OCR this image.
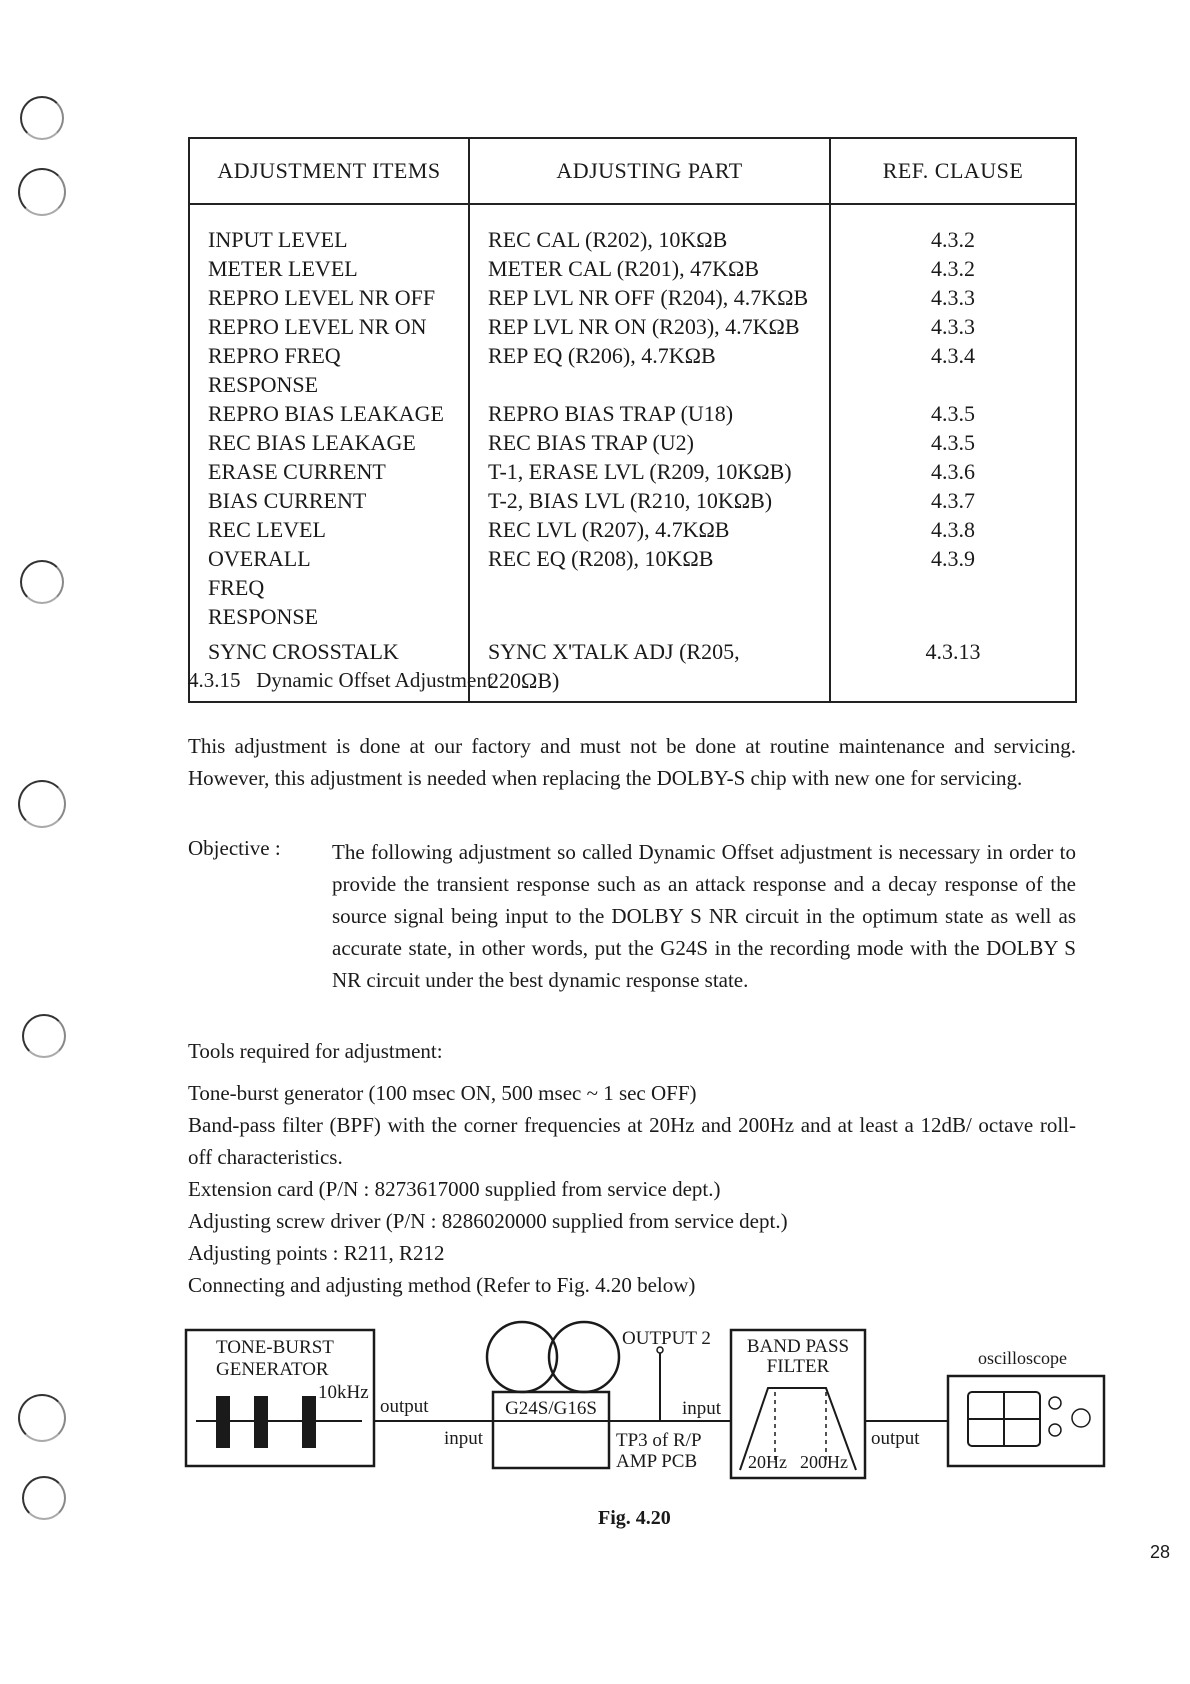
ADJUSTMENT ITEMS	ADJUSTING PART	REF. CLAUSE
INPUT LEVEL	REC CAL (R202), 10KΩB	4.3.2
METER LEVEL	METER CAL (R201), 47KΩB	4.3.2
REPRO LEVEL NR OFF	REP LVL NR OFF (R204), 4.7KΩB	4.3.3
REPRO LEVEL NR ON	REP LVL NR ON (R203), 4.7KΩB	4.3.3
REPRO FREQ RESPONSE	REP EQ (R206), 4.7KΩB	4.3.4
REPRO BIAS LEAKAGE	REPRO BIAS TRAP (U18)	4.3.5
REC BIAS LEAKAGE	REC BIAS TRAP (U2)	4.3.5
ERASE CURRENT	T-1, ERASE LVL (R209, 10KΩB)	4.3.6
BIAS CURRENT	T-2, BIAS LVL (R210, 10KΩB)	4.3.7
REC LEVEL	REC LVL (R207), 4.7KΩB	4.3.8
OVERALL FREQ RESPONSE	REC EQ (R208), 10KΩB	4.3.9
SYNC CROSSTALK	SYNC X'TALK ADJ (R205, 220ΩB)	4.3.13
4.3.15 Dynamic Offset Adjustment

This adjustment is done at our factory and must not be done at routine maintenance and servicing. However, this adjustment is needed when replacing the DOLBY-S chip with new one for servicing.

Objective : The following adjustment so called Dynamic Offset adjustment is necessary in order to provide the transient response such as an attack response and a decay response of the source signal being input to the DOLBY S NR circuit in the optimum state as well as accurate state, in other words, put the G24S in the recording mode with the DOLBY S NR circuit under the best dynamic response state.

Tools required for adjustment:
Tone-burst generator (100 msec ON, 500 msec ~ 1 sec OFF)
Band-pass filter (BPF) with the corner frequencies at 20Hz and 200Hz and at least a 12dB/ octave roll-off characteristics.
Extension card (P/N : 8273617000 supplied from service dept.)
Adjusting screw driver (P/N : 8286020000 supplied from service dept.)
Adjusting points : R211, R212
Connecting and adjusting method (Refer to Fig. 4.20 below)
TONE-BURST
GENERATOR
10kHz
output
input
G24S/G16S
OUTPUT 2
input
TP3 of R/P
AMP PCB
BAND PASS
FILTER
20Hz 200Hz
output
oscilloscope
Fig. 4.20
28
